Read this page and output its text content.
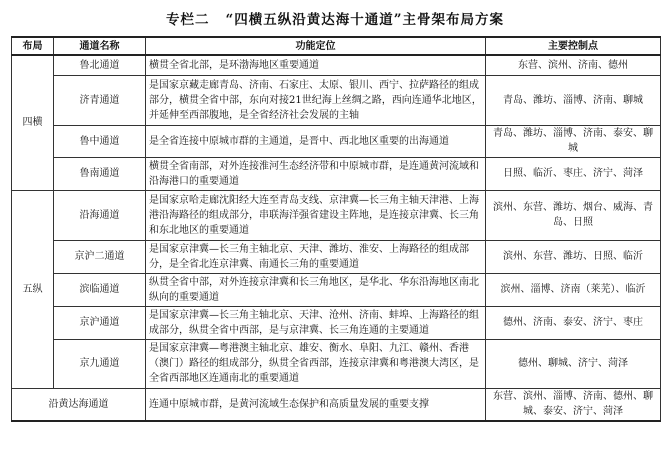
专栏二 “四横五纵沿黄达海十通道”主骨架布局方案
布局	通道名称	功能定位	主要控制点
四横	鲁北通道	横贯全省北部，是环渤海地区重要通道	东营、滨州、济南、德州
	济青通道	是国家京藏走廊青岛、济南、石家庄、太原、银川、西宁、拉萨路径的组成部分，横贯全省中部，东向对接21世纪海上丝绸之路，西向连通华北地区，并延伸至西部腹地，是全省经济社会发展的主轴	青岛、潍坊、淄博、济南、聊城
	鲁中通道	是全省连接中原城市群的主通道，是晋中、西北地区重要的出海通道	青岛、潍坊、淄博、济南、泰安、聊城
	鲁南通道	横贯全省南部，对外连接淮河生态经济带和中原城市群，是连通黄河流域和沿海港口的重要通道	日照、临沂、枣庄、济宁、菏泽
五纵	沿海通道	是国家京哈走廊沈阳经大连至青岛支线、京津冀—长三角主轴天津港、上海港沿海路径的组成部分，串联海洋强省建设主阵地，是连接京津冀、长三角和东北地区的重要通道	滨州、东营、潍坊、烟台、威海、青岛、日照
	京沪二通道	是国家京津冀—长三角主轴北京、天津、潍坊、淮安、上海路径的组成部分，是全省北连京津冀、南通长三角的重要通道	滨州、东营、潍坊、日照、临沂
	滨临通道	纵贯全省中部，对外连接京津冀和长三角地区，是华北、华东沿海地区南北纵向的重要通道	滨州、淄博、济南（莱芜）、临沂
	京沪通道	是国家京津冀—长三角主轴北京、天津、沧州、济南、蚌埠、上海路径的组成部分，纵贯全省中西部，是与京津冀、长三角连通的主要通道	德州、济南、泰安、济宁、枣庄
	京九通道	是国家京津冀—粤港澳主轴北京、雄安、衡水、阜阳、九江、赣州、香港（澳门）路径的组成部分，纵贯全省西部，连接京津冀和粤港澳大湾区，是全省西部地区连通南北的重要通道	德州、聊城、济宁、菏泽
沿黄达海通道		连通中原城市群，是黄河流域生态保护和高质量发展的重要支撑	东营、滨州、淄博、济南、德州、聊城、泰安、济宁、菏泽
